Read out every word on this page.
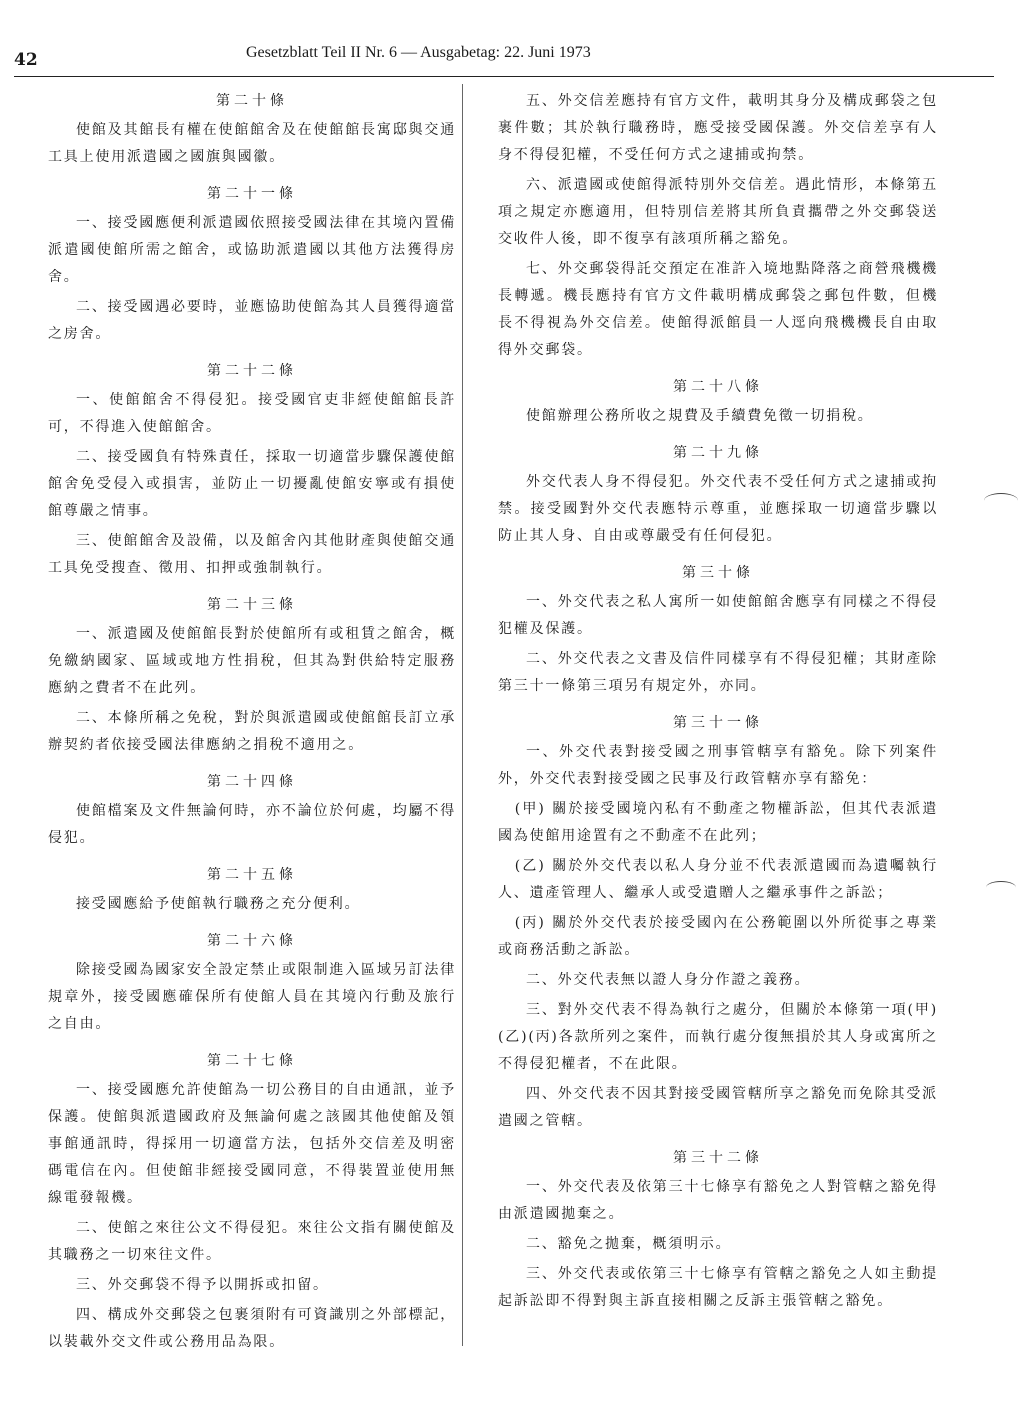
42	Gesetzblatt Teil II Nr. 6 — Ausgabetag: 22. Juni 1973
第二十條
使館及其館長有權在使館館舍及在使館館長寓邸與交通工具上使用派遣國之國旗與國徽。
第二十一條
一、接受國應便利派遣國依照接受國法律在其境內置備派遣國使館所需之館舍，或協助派遣國以其他方法獲得房舍。
二、接受國遇必要時，並應協助使館為其人員獲得適當之房舍。
第二十二條
一、使館館舍不得侵犯。接受國官吏非經使館館長許可，不得進入使館館舍。
二、接受國負有特殊責任，採取一切適當步驟保護使館館舍免受侵入或損害，並防止一切擾亂使館安寧或有損使館尊嚴之情事。
三、使館館舍及設備，以及館舍內其他財產與使館交通工具免受搜查、徵用、扣押或強制執行。
第二十三條
一、派遣國及使館館長對於使館所有或租賃之館舍，概免繳納國家、區域或地方性捐稅，但其為對供給特定服務應納之費者不在此列。
二、本條所稱之免稅，對於與派遣國或使館館長訂立承辦契約者依接受國法律應納之捐稅不適用之。
第二十四條
使館檔案及文件無論何時，亦不論位於何處，均屬不得侵犯。
第二十五條
接受國應給予使館執行職務之充分便利。
第二十六條
除接受國為國家安全設定禁止或限制進入區域另訂法律規章外，接受國應確保所有使館人員在其境內行動及旅行之自由。
第二十七條
一、接受國應允許使館為一切公務目的自由通訊，並予保護。使館與派遣國政府及無論何處之該國其他使館及領事館通訊時，得採用一切適當方法，包括外交信差及明密碼電信在內。但使館非經接受國同意，不得裝置並使用無線電發報機。
二、使館之來往公文不得侵犯。來往公文指有關使館及其職務之一切來往文件。
三、外交郵袋不得予以開拆或扣留。
四、構成外交郵袋之包裹須附有可資識別之外部標記，以裝載外交文件或公務用品為限。
五、外交信差應持有官方文件，載明其身分及構成郵袋之包裹件數；其於執行職務時，應受接受國保護。外交信差享有人身不得侵犯權，不受任何方式之逮捕或拘禁。
六、派遣國或使館得派特別外交信差。遇此情形，本條第五項之規定亦應適用，但特別信差將其所負責攜帶之外交郵袋送交收件人後，即不復享有該項所稱之豁免。
七、外交郵袋得託交預定在准許入境地點降落之商營飛機機長轉遞。機長應持有官方文件載明構成郵袋之郵包件數，但機長不得視為外交信差。使館得派館員一人逕向飛機機長自由取得外交郵袋。
第二十八條
使館辦理公務所收之規費及手續費免徵一切捐稅。
第二十九條
外交代表人身不得侵犯。外交代表不受任何方式之逮捕或拘禁。接受國對外交代表應特示尊重，並應採取一切適當步驟以防止其人身、自由或尊嚴受有任何侵犯。
第三十條
一、外交代表之私人寓所一如使館館舍應享有同樣之不得侵犯權及保護。
二、外交代表之文書及信件同樣享有不得侵犯權；其財產除第三十一條第三項另有規定外，亦同。
第三十一條
一、外交代表對接受國之刑事管轄享有豁免。除下列案件外，外交代表對接受國之民事及行政管轄亦享有豁免：
(甲) 關於接受國境內私有不動產之物權訴訟，但其代表派遣國為使館用途置有之不動產不在此列；
(乙) 關於外交代表以私人身分並不代表派遣國而為遺囑執行人、遺產管理人、繼承人或受遺贈人之繼承事件之訴訟；
(丙) 關於外交代表於接受國內在公務範圍以外所從事之專業或商務活動之訴訟。
二、外交代表無以證人身分作證之義務。
三、對外交代表不得為執行之處分，但關於本條第一項(甲)(乙)(丙)各款所列之案件，而執行處分復無損於其人身或寓所之不得侵犯權者，不在此限。
四、外交代表不因其對接受國管轄所享之豁免而免除其受派遣國之管轄。
第三十二條
一、外交代表及依第三十七條享有豁免之人對管轄之豁免得由派遣國拋棄之。
二、豁免之拋棄，概須明示。
三、外交代表或依第三十七條享有管轄之豁免之人如主動提起訴訟即不得對與主訴直接相關之反訴主張管轄之豁免。
